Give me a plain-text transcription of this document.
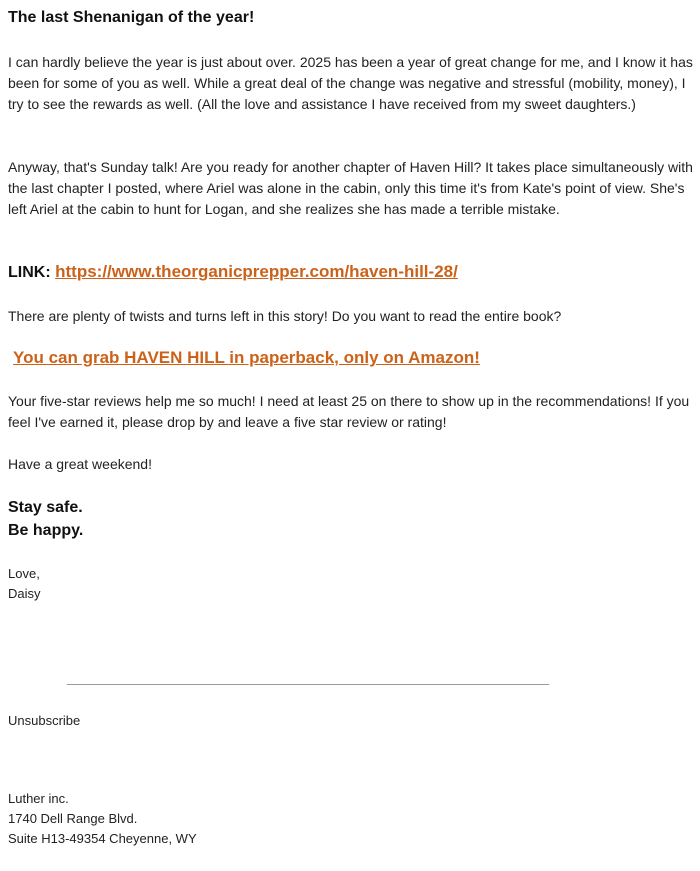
The last Shenanigan of the year!

I can hardly believe the year is just about over. 2025 has been a year of great change for me, and I know it has been for some of you as well. While a great deal of the change was negative and stressful (mobility, money), I try to see the rewards as well. (All the love and assistance I have received from my sweet daughters.)

Anyway, that's Sunday talk! Are you ready for another chapter of Haven Hill? It takes place simultaneously with the last chapter I posted, where Ariel was alone in the cabin, only this time it's from Kate's point of view. She's left Ariel at the cabin to hunt for Logan, and she realizes she has made a terrible mistake.

LINK: https://www.theorganicprepper.com/haven-hill-28/

There are plenty of twists and turns left in this story! Do you want to read the entire book?

You can grab HAVEN HILL in paperback, only on Amazon!

Your five-star reviews help me so much! I need at least 25 on there to show up in the recommendations! If you feel I've earned it, please drop by and leave a five star review or rating!

Have a great weekend!

Stay safe.
Be happy.
Love,
Daisy
Unsubscribe
Luther inc.
1740 Dell Range Blvd.
Suite H13-49354 Cheyenne, WY
